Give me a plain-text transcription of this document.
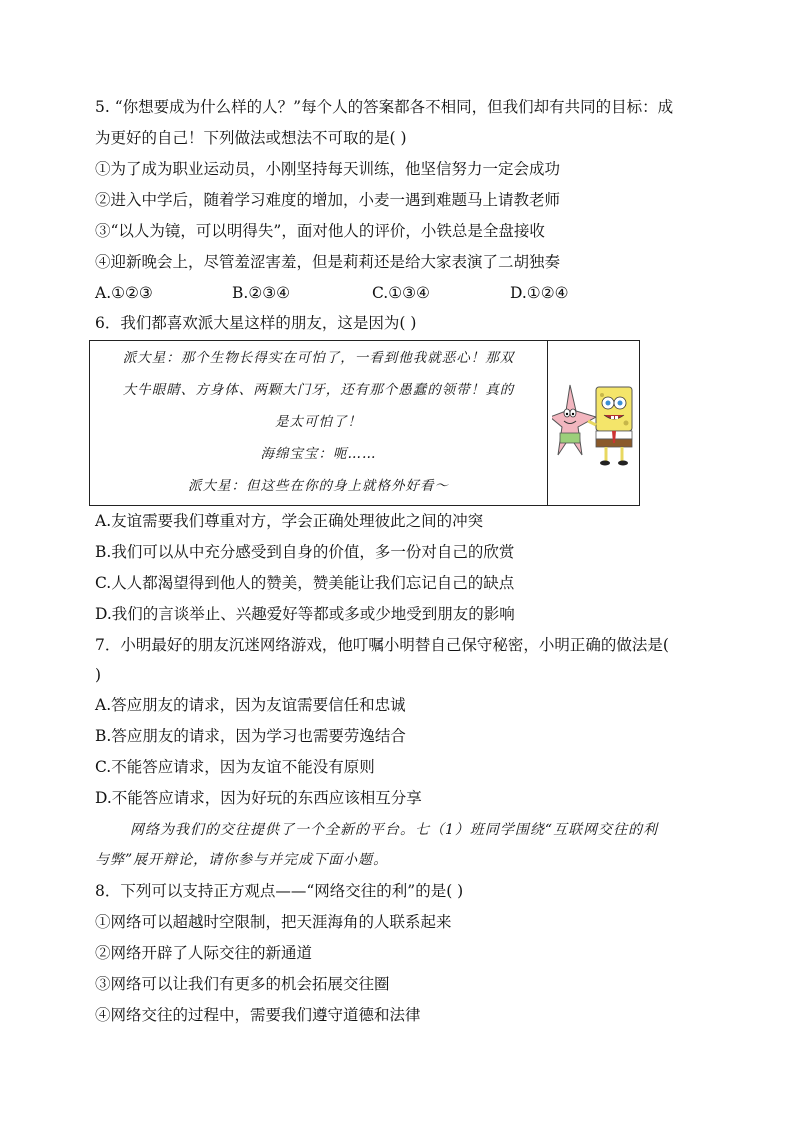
5. “你想要成为什么样的人？”每个人的答案都各不相同，但我们却有共同的目标：成
为更好的自己！下列做法或想法不可取的是( )
①为了成为职业运动员，小刚坚持每天训练，他坚信努力一定会成功
②进入中学后，随着学习难度的增加，小麦一遇到难题马上请教老师
③“以人为镜，可以明得失”，面对他人的评价，小铁总是全盘接收
④迎新晚会上，尽管羞涩害羞，但是莉莉还是给大家表演了二胡独奏
A.①②③	B.②③④	C.①③④	D.①②④
6．我们都喜欢派大星这样的朋友，这是因为( )
派大星：那个生物长得实在可怕了，一看到他我就恶心！那双
大牛眼睛、方身体、两颗大门牙，还有那个愚蠢的领带！真的
是太可怕了！
海绵宝宝：呃……
派大星：但这些在你的身上就格外好看～
A.友谊需要我们尊重对方，学会正确处理彼此之间的冲突
B.我们可以从中充分感受到自身的价值，多一份对自己的欣赏
C.人人都渴望得到他人的赞美，赞美能让我们忘记自己的缺点
D.我们的言谈举止、兴趣爱好等都或多或少地受到朋友的影响
7．小明最好的朋友沉迷网络游戏，他叮嘱小明替自己保守秘密，小明正确的做法是(
)
A.答应朋友的请求，因为友谊需要信任和忠诚
B.答应朋友的请求，因为学习也需要劳逸结合
C.不能答应请求，因为友谊不能没有原则
D.不能答应请求，因为好玩的东西应该相互分享
网络为我们的交往提供了一个全新的平台。七（1）班同学围绕“互联网交往的利
与弊”展开辩论，请你参与并完成下面小题。
8．下列可以支持正方观点——“网络交往的利”的是( )
①网络可以超越时空限制，把天涯海角的人联系起来
②网络开辟了人际交往的新通道
③网络可以让我们有更多的机会拓展交往圈
④网络交往的过程中，需要我们遵守道德和法律
